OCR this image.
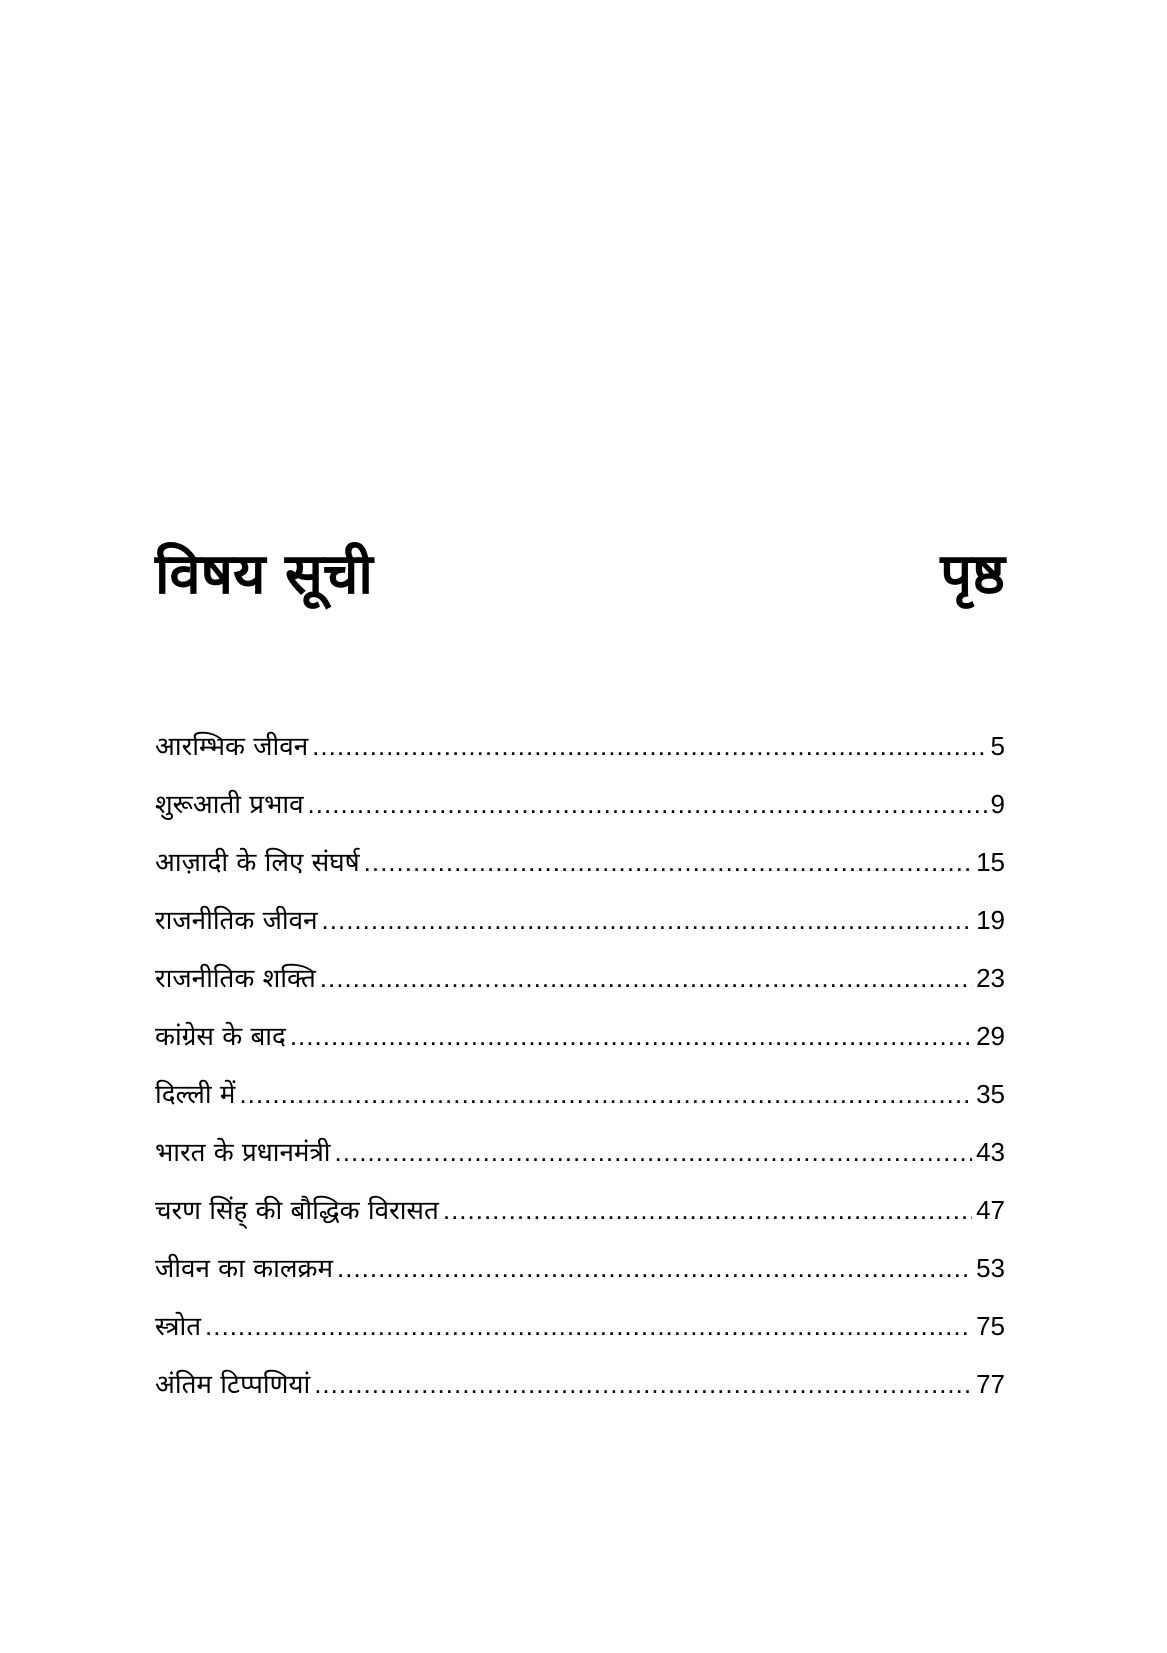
विषय सूची	पृष्ठ
आरम्भिक जीवन .....	5
शुरूआती प्रभाव .....	9
आज़ादी के लिए संघर्ष .....	15
राजनीतिक जीवन .....	19
राजनीतिक शक्ति .....	23
कांग्रेस के बाद .....	29
दिल्ली में .....	35
भारत के प्रधानमंत्री .....	43
चरण सिंह् की बौद्धिक विरासत .....	47
जीवन का कालक्रम .....	53
स्त्रोत .....	75
अंतिम टिप्पणियां .....	77
